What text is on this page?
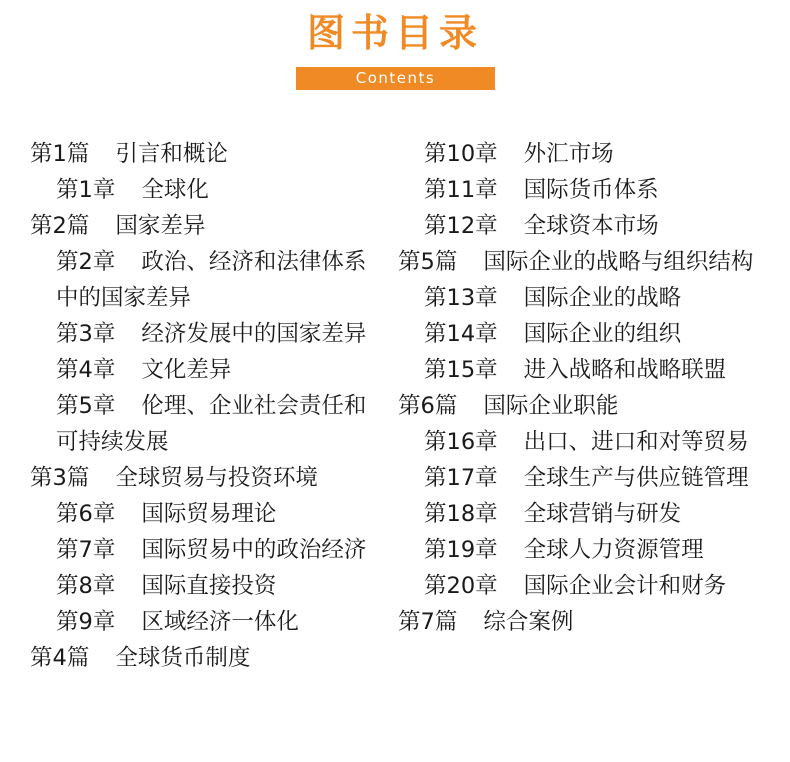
图书目录
Contents
第1篇 引言和概论
第1章 全球化
第2篇 国家差异
第2章 政治、经济和法律体系中的国家差异
第3章 经济发展中的国家差异
第4章 文化差异
第5章 伦理、企业社会责任和可持续发展
第3篇 全球贸易与投资环境
第6章 国际贸易理论
第7章 国际贸易中的政治经济
第8章 国际直接投资
第9章 区域经济一体化
第4篇 全球货币制度
第10章 外汇市场
第11章 国际货币体系
第12章 全球资本市场
第5篇 国际企业的战略与组织结构
第13章 国际企业的战略
第14章 国际企业的组织
第15章 进入战略和战略联盟
第6篇 国际企业职能
第16章 出口、进口和对等贸易
第17章 全球生产与供应链管理
第18章 全球营销与研发
第19章 全球人力资源管理
第20章 国际企业会计和财务
第7篇 综合案例
